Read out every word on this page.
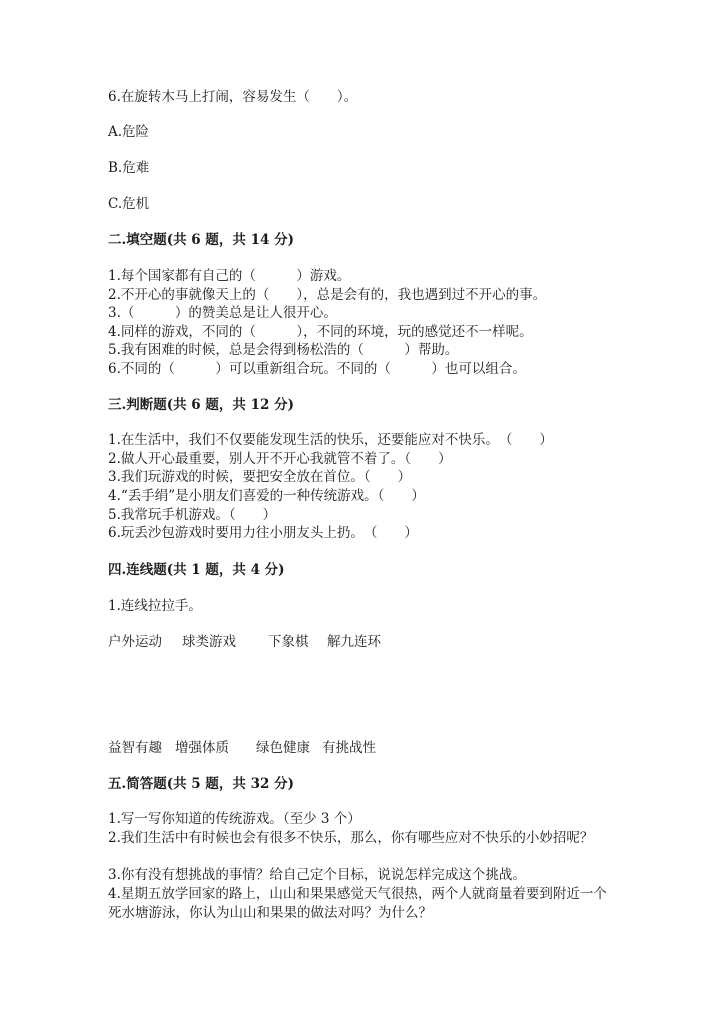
6.在旋转木马上打闹，容易发生（　　）。
A.危险
B.危难
C.危机
二.填空题(共 6 题，共 14 分)
1.每个国家都有自己的（　　　）游戏。
2.不开心的事就像天上的（　　），总是会有的，我也遇到过不开心的事。
3.（　　　）的赞美总是让人很开心。
4.同样的游戏，不同的（　　　），不同的环境，玩的感觉还不一样呢。
5.我有困难的时候，总是会得到杨松浩的（　　　）帮助。
6.不同的（　　　）可以重新组合玩。不同的（　　　）也可以组合。
三.判断题(共 6 题，共 12 分)
1.在生活中，我们不仅要能发现生活的快乐，还要能应对不快乐。　（　　）
2.做人开心最重要，别人开不开心我就管不着了。（　　）
3.我们玩游戏的时候，要把安全放在首位。（　　）
4.“丢手绢”是小朋友们喜爱的一种传统游戏。（　　）
5.我常玩手机游戏。（　　）
6.玩丢沙包游戏时要用力往小朋友头上扔。　（　　）
四.连线题(共 1 题，共 4 分)
1.连线拉拉手。
户外运动 球类游戏 下象棋 解九连环
益智有趣 增强体质 绿色健康 有挑战性
五.简答题(共 5 题，共 32 分)
1.写一写你知道的传统游戏。（至少 3 个）
2.我们生活中有时候也会有很多不快乐，那么，你有哪些应对不快乐的小妙招呢？
3.你有没有想挑战的事情？给自己定个目标，说说怎样完成这个挑战。
4.星期五放学回家的路上，山山和果果感觉天气很热，两个人就商量着要到附近一个死水塘游泳，你认为山山和果果的做法对吗？为什么？
